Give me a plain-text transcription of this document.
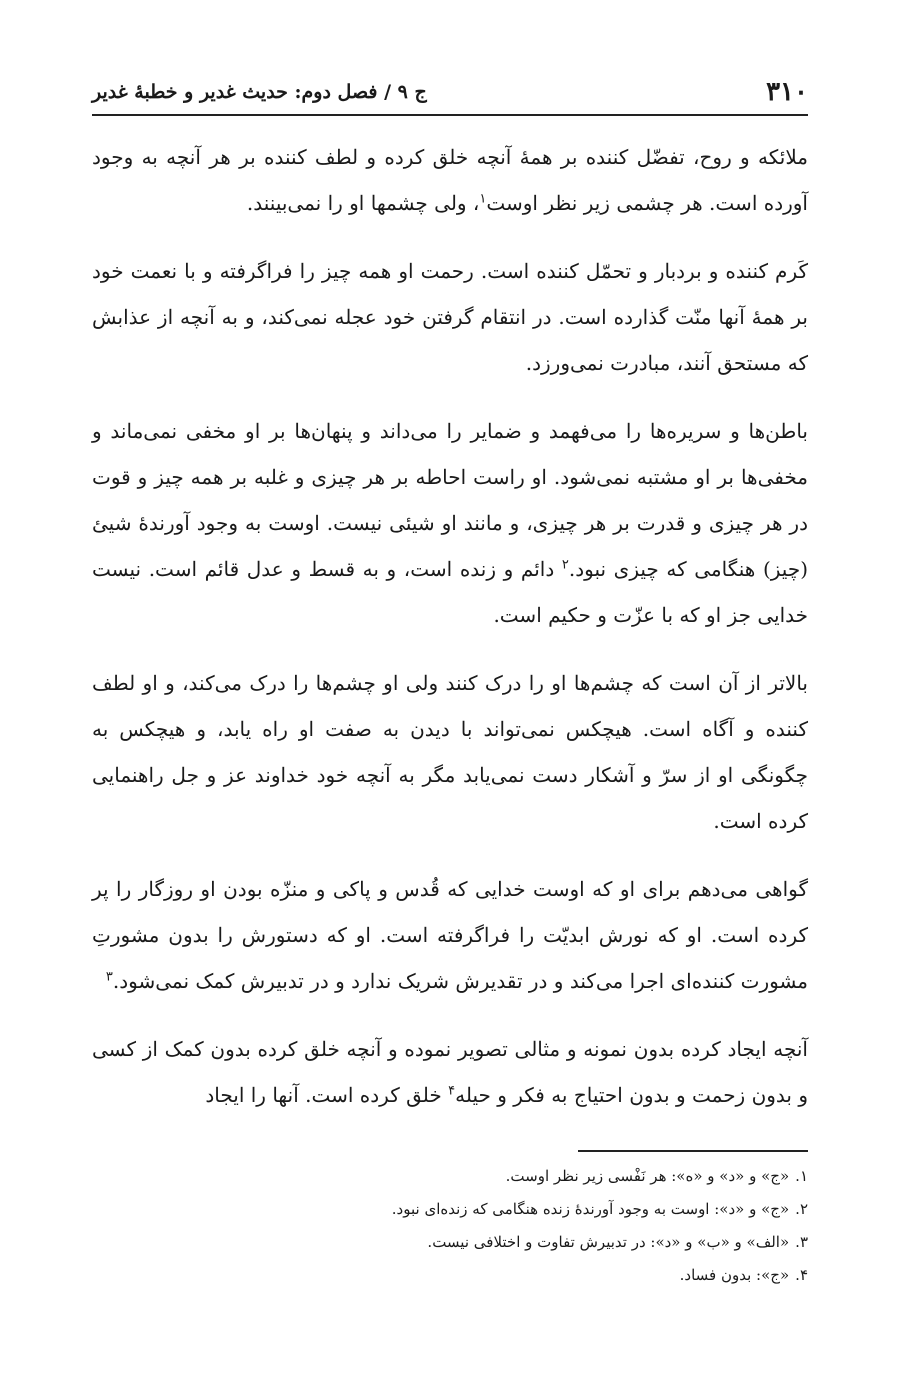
۳۱۰
ج ۹ / فصل دوم: حدیث غدیر و خطبهٔ غدیر

ملائکه و روح، تفضّل کننده بر همهٔ آنچه خلق کرده و لطف کننده بر هر آنچه به وجود آورده است. هر چشمی زیر نظر اوست$^۱$، ولی چشمها او را نمی‌بینند.

کَرم کننده و بردبار و تحمّل کننده است. رحمت او همه چیز را فراگرفته و با نعمت خود بر همهٔ آنها منّت گذارده است. در انتقام گرفتن خود عجله نمی‌کند، و به آنچه از عذابش که مستحق آنند، مبادرت نمی‌ورزد.

باطن‌ها و سریره‌ها را می‌فهمد و ضمایر را می‌داند و پنهان‌ها بر او مخفی نمی‌ماند و مخفی‌ها بر او مشتبه نمی‌شود. او راست احاطه بر هر چیزی و غلبه بر همه چیز و قوت در هر چیزی و قدرت بر هر چیزی، و مانند او شیئی نیست. اوست به وجود آورندهٔ شیئ (چیز) هنگامی که چیزی نبود.$^۲$ دائم و زنده است، و به قسط و عدل قائم است. نیست خدایی جز او که با عزّت و حکیم است.

بالاتر از آن است که چشم‌ها او را درک کنند ولی او چشم‌ها را درک می‌کند، و او لطف کننده و آگاه است. هیچکس نمی‌تواند با دیدن به صفت او راه یابد، و هیچکس به چگونگی او از سرّ و آشکار دست نمی‌یابد مگر به آنچه خود خداوند عز و جل راهنمایی کرده است.

گواهی می‌دهم برای او که اوست خدایی که قُدس و پاکی و منزّه بودن او روزگار را پر کرده است. او که نورش ابدیّت را فراگرفته است. او که دستورش را بدون مشورتِ مشورت کننده‌ای اجرا می‌کند و در تقدیرش شریک ندارد و در تدبیرش کمک نمی‌شود.$^۳$

آنچه ایجاد کرده بدون نمونه و مثالی تصویر نموده و آنچه خلق کرده بدون کمک از کسی و بدون زحمت و بدون احتیاج به فکر و حیله$^۴$ خلق کرده است. آنها را ایجاد

۱.
«ج» و «د» و «ه»: هر نَفْسی زیر نظر اوست.
۲.
«ج» و «د»: اوست به وجود آورندهٔ زنده هنگامی که زنده‌ای نبود.
۳.
«الف» و «ب» و «د»: در تدبیرش تفاوت و اختلافی نیست.
۴.
«ج»: بدون فساد.
